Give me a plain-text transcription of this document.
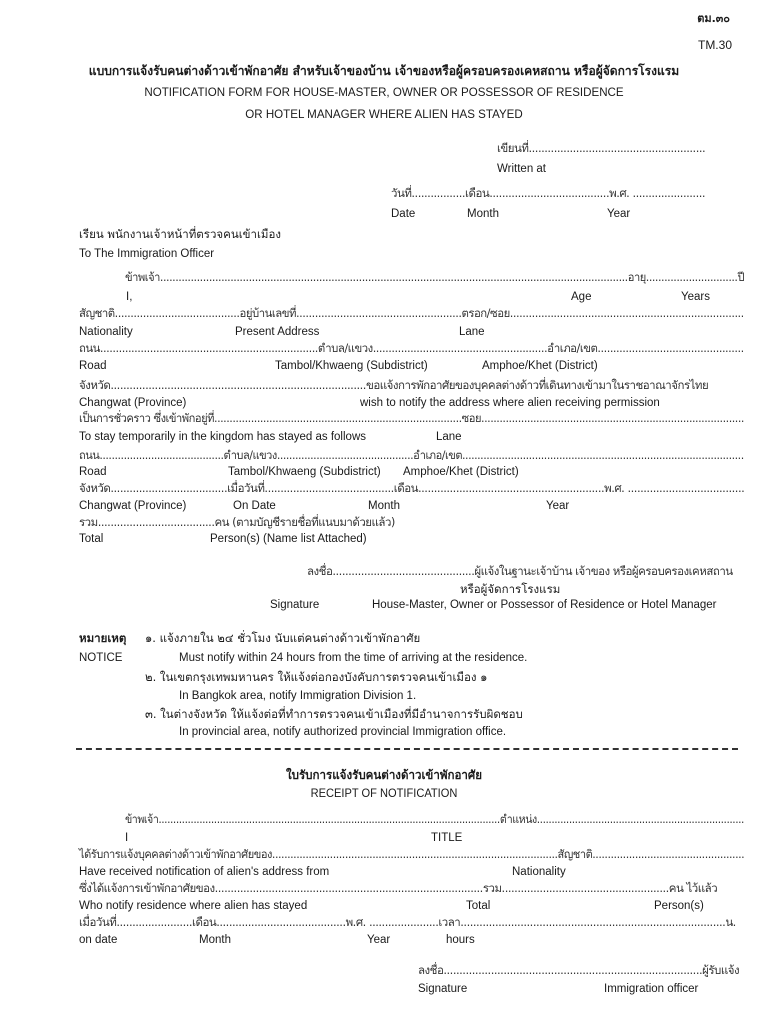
ตม.๓๐
TM.30
แบบการแจ้งรับคนต่างด้าวเข้าพักอาศัย สำหรับเจ้าของบ้าน เจ้าของหรือผู้ครอบครองเคหสถาน หรือผู้จัดการโรงแรม
NOTIFICATION FORM FOR HOUSE-MASTER, OWNER OR POSSESSOR OF RESIDENCE
OR HOTEL MANAGER WHERE ALIEN HAS STAYED
เขียนที่........................................................
Written at
วันที่.................เดือน......................................พ.ศ. .......................
Date	Month	Year
เรียน พนักงานเจ้าหน้าที่ตรวจคนเข้าเมือง
To The Immigration Officer
ข้าพเจ้า.........................................................................................................................................................อายุ..............................ปี
I,	Age	Years
สัญชาติ........................................อยู่บ้านเลขที่.....................................................ตรอก/ซอย...........................................................................
Nationality	Present Address	Lane
ถนน......................................................................ตำบล/แขวง........................................................อำเภอ/เขต...............................................
Road	Tambol/Khwaeng (Subdistrict)	Amphoe/Khet (District)
จังหวัด.................................................................................ขอแจ้งการพักอาศัยของบุคคลต่างด้าวที่เดินทางเข้ามาในราชอาณาจักรไทย
Changwat (Province)	wish to notify the address where alien receiving permission
เป็นการชั่วคราว ซึ่งเข้าพักอยู่ที่.................................................................................ซอย......................................................................................
To stay temporarily in the kingdom has stayed as follows	Lane
ถนน.........................................ตำบล/แขวง.............................................อำเภอ/เขต.............................................................................................
Road	Tambol/Khwaeng (Subdistrict) Amphoe/Khet (District)
จังหวัด.....................................เมื่อวันที่.........................................เดือน...........................................................พ.ศ. .....................................
Changwat (Province)	On Date	Month	Year
รวม.....................................คน (ตามบัญชีรายชื่อที่แนบมาด้วยแล้ว)
Total	Person(s) (Name list Attached)
ลงชื่อ.............................................ผู้แจ้งในฐานะเจ้าบ้าน เจ้าของ หรือผู้ครอบครองเคหสถาน
หรือผู้จัดการโรงแรม
Signature	House-Master, Owner or Possessor of Residence or Hotel Manager
หมายเหตุ
NOTICE
๑. แจ้งภายใน ๒๔ ชั่วโมง นับแต่คนต่างด้าวเข้าพักอาศัย
Must notify within 24 hours from the time of arriving at the residence.
๒. ในเขตกรุงเทพมหานคร ให้แจ้งต่อกองบังคับการตรวจคนเข้าเมือง ๑
In Bangkok area, notify Immigration Division 1.
๓. ในต่างจังหวัด ให้แจ้งต่อที่ทำการตรวจคนเข้าเมืองที่มีอำนาจการรับผิดชอบ
In provincial area, notify authorized provincial Immigration office.
ใบรับการแจ้งรับคนต่างด้าวเข้าพักอาศัย
RECEIPT OF NOTIFICATION
ข้าพเจ้า.....................................................................................................................ตำแหน่ง.......................................................................
I	TITLE
ได้รับการแจ้งบุคคลต่างด้าวเข้าพักอาศัยของ..............................................................................................สัญชาติ..................................................
Have received notification of alien's address from	Nationality
ซึ่งได้แจ้งการเข้าพักอาศัยของ.....................................................................................รวม.....................................................คน ไว้แล้ว
Who notify residence where alien has stayed	Total	Person(s)
เมื่อวันที่........................เดือน.........................................พ.ศ. ......................เวลา....................................................................................น.
on date	Month	Year	hours
ลงชื่อ..................................................................................ผู้รับแจ้ง
Signature	Immigration officer
